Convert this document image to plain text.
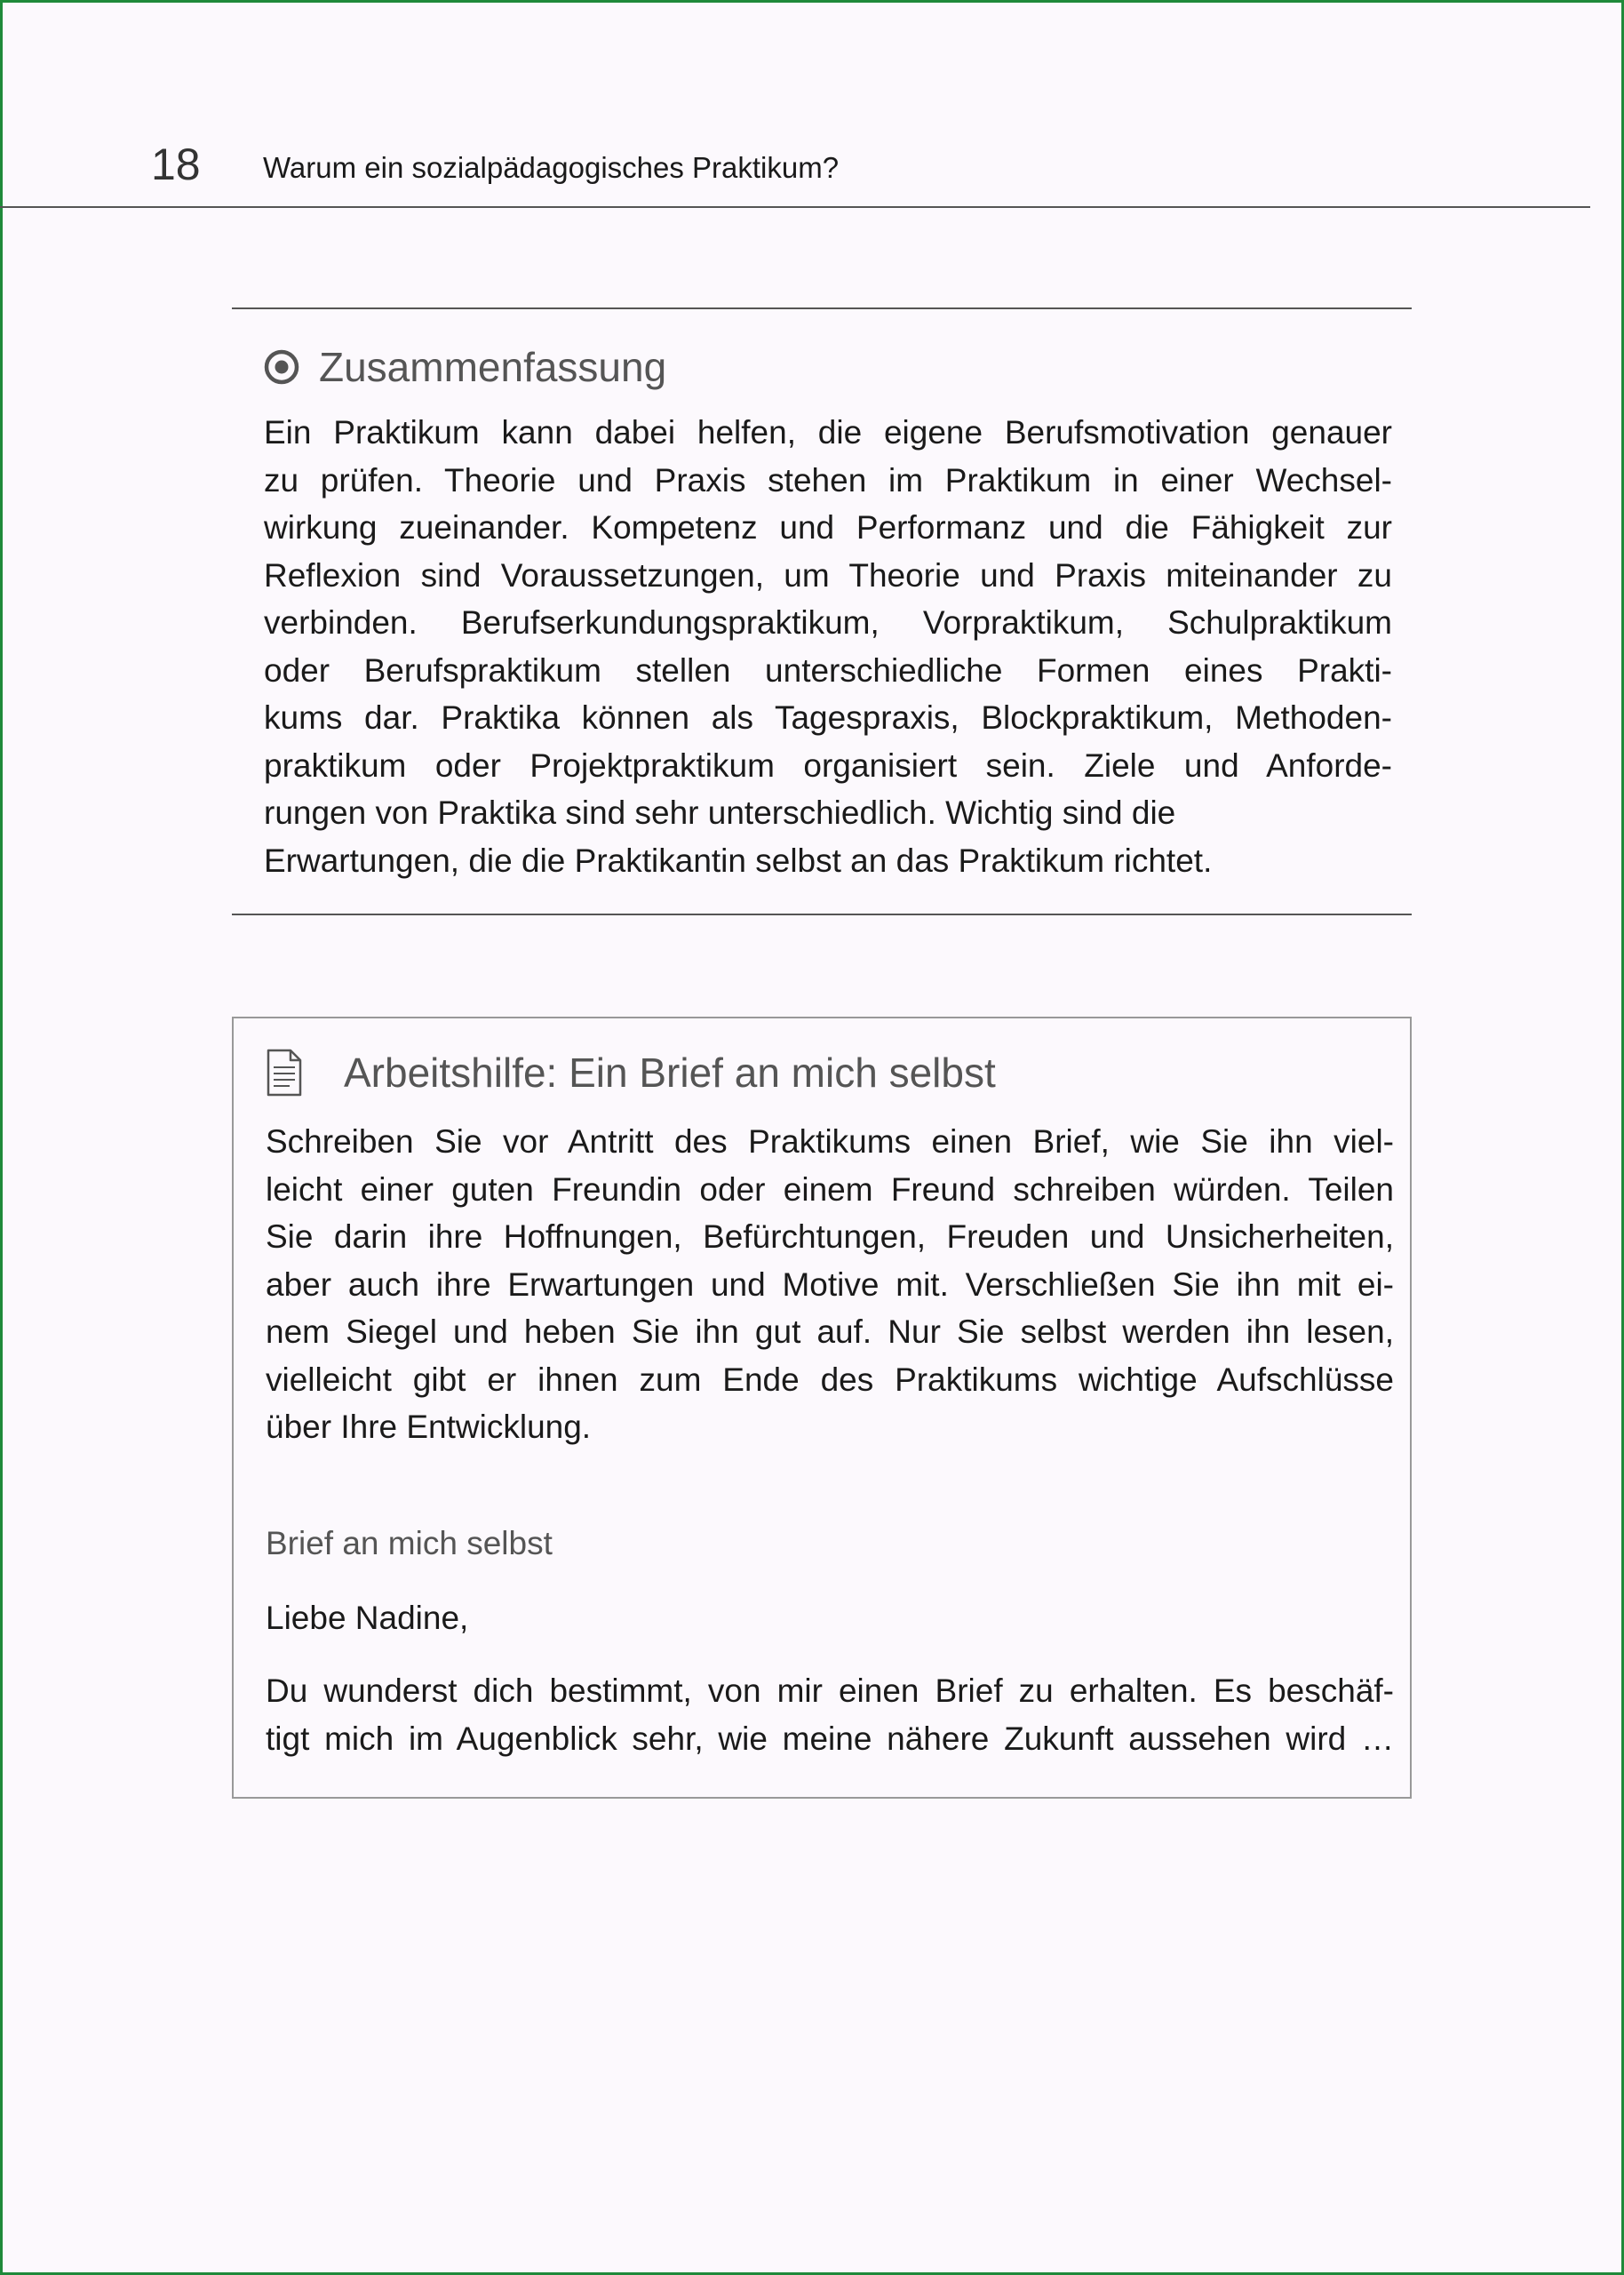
18 Warum ein sozialpädagogisches Praktikum?
Zusammenfassung
Ein Praktikum kann dabei helfen, die eigene Berufsmotivation genauer
zu prüfen. Theorie und Praxis stehen im Praktikum in einer Wechsel-
wirkung zueinander. Kompetenz und Performanz und die Fähigkeit zur
Reflexion sind Voraussetzungen, um Theorie und Praxis miteinander zu
verbinden. Berufserkundungspraktikum, Vorpraktikum, Schulpraktikum
oder Berufspraktikum stellen unterschiedliche Formen eines Prakti-
kums dar. Praktika können als Tagespraxis, Blockpraktikum, Methoden-
praktikum oder Projektpraktikum organisiert sein. Ziele und Anforde-
rungen von Praktika sind sehr unterschiedlich. Wichtig sind die
Erwartungen, die die Praktikantin selbst an das Praktikum richtet.
Arbeitshilfe: Ein Brief an mich selbst
Schreiben Sie vor Antritt des Praktikums einen Brief, wie Sie ihn viel-
leicht einer guten Freundin oder einem Freund schreiben würden. Teilen
Sie darin ihre Hoffnungen, Befürchtungen, Freuden und Unsicherheiten,
aber auch ihre Erwartungen und Motive mit. Verschließen Sie ihn mit ei-
nem Siegel und heben Sie ihn gut auf. Nur Sie selbst werden ihn lesen,
vielleicht gibt er ihnen zum Ende des Praktikums wichtige Aufschlüsse
über Ihre Entwicklung.
Brief an mich selbst
Liebe Nadine,
Du wunderst dich bestimmt, von mir einen Brief zu erhalten. Es beschäf-
tigt mich im Augenblick sehr, wie meine nähere Zukunft aussehen wird …
